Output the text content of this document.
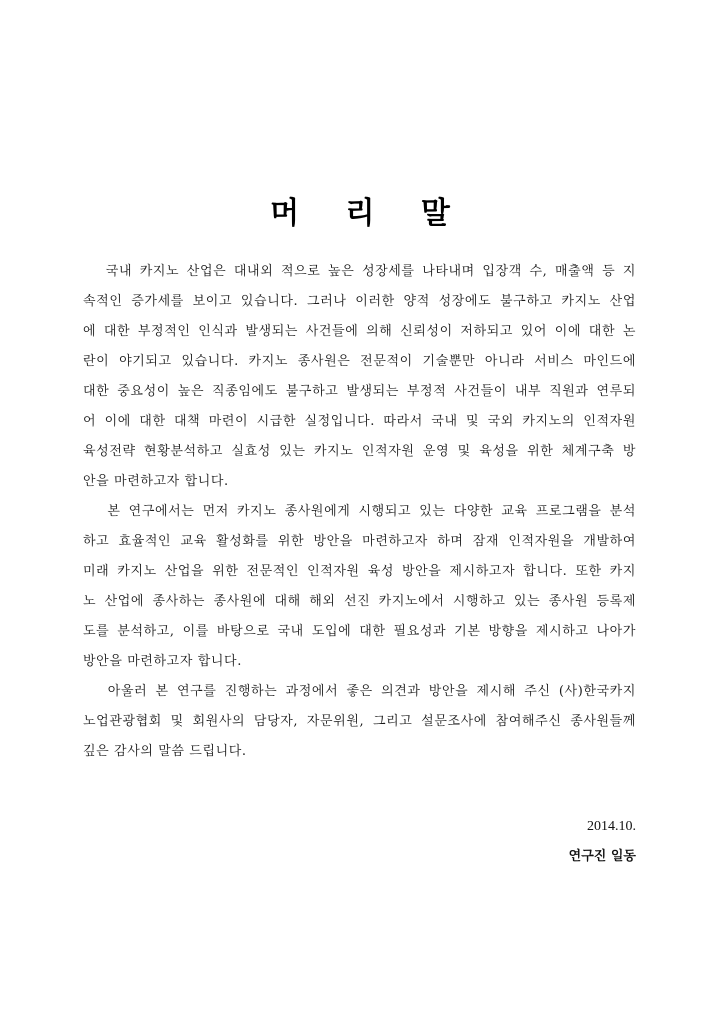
머 리 말
국내 카지노 산업은 대내외 적으로 높은 성장세를 나타내며 입장객 수, 매출액 등 지
속적인 증가세를 보이고 있습니다. 그러나 이러한 양적 성장에도 불구하고 카지노 산업
에 대한 부정적인 인식과 발생되는 사건들에 의해 신뢰성이 저하되고 있어 이에 대한 논
란이 야기되고 있습니다. 카지노 종사원은 전문적이 기술뿐만 아니라 서비스 마인드에
대한 중요성이 높은 직종임에도 불구하고 발생되는 부정적 사건들이 내부 직원과 연루되
어 이에 대한 대책 마련이 시급한 실정입니다. 따라서 국내 및 국외 카지노의 인적자원
육성전략 현황분석하고 실효성 있는 카지노 인적자원 운영 및 육성을 위한 체계구축 방
안을 마련하고자 합니다.
본 연구에서는 먼저 카지노 종사원에게 시행되고 있는 다양한 교육 프로그램을 분석
하고 효율적인 교육 활성화를 위한 방안을 마련하고자 하며 잠재 인적자원을 개발하여
미래 카지노 산업을 위한 전문적인 인적자원 육성 방안을 제시하고자 합니다. 또한 카지
노 산업에 종사하는 종사원에 대해 해외 선진 카지노에서 시행하고 있는 종사원 등록제
도를 분석하고, 이를 바탕으로 국내 도입에 대한 필요성과 기본 방향을 제시하고 나아가
방안을 마련하고자 합니다.
아울러 본 연구를 진행하는 과정에서 좋은 의견과 방안을 제시해 주신 (사)한국카지
노업관광협회 및 회원사의 담당자, 자문위원, 그리고 설문조사에 참여해주신 종사원들께
깊은 감사의 말씀 드립니다.
2014.10.
연구진 일동
